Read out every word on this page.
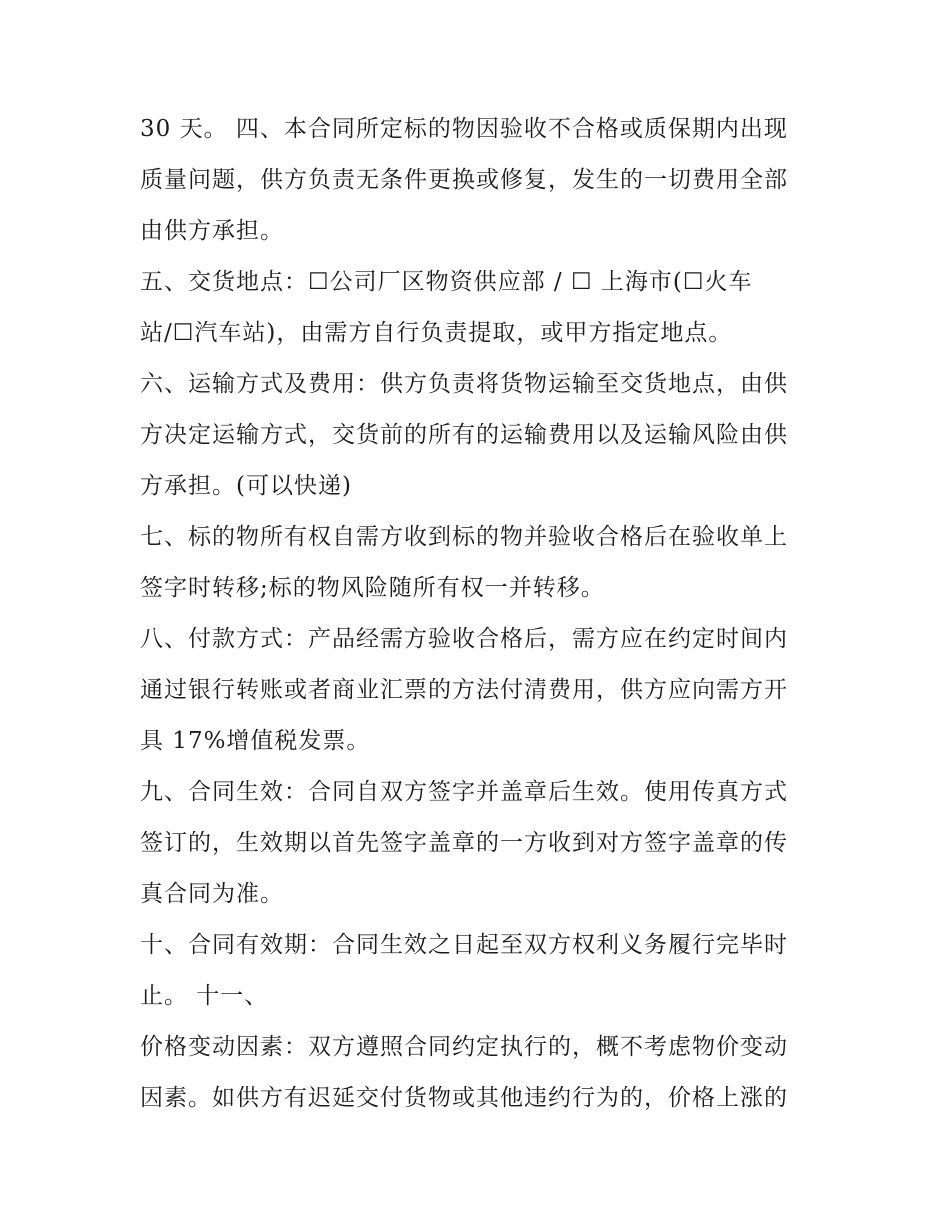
30 天。 四、本合同所定标的物因验收不合格或质保期内出现
质量问题，供方负责无条件更换或修复，发生的一切费用全部
由供方承担。
五、交货地点：☐公司厂区物资供应部 / ☐ 上海市(☐火车
站/☐汽车站)，由需方自行负责提取，或甲方指定地点。
六、运输方式及费用：供方负责将货物运输至交货地点，由供
方决定运输方式，交货前的所有的运输费用以及运输风险由供
方承担。(可以快递)
七、标的物所有权自需方收到标的物并验收合格后在验收单上
签字时转移;标的物风险随所有权一并转移。
八、付款方式：产品经需方验收合格后，需方应在约定时间内
通过银行转账或者商业汇票的方法付清费用，供方应向需方开
具 17%增值税发票。
九、合同生效：合同自双方签字并盖章后生效。使用传真方式
签订的，生效期以首先签字盖章的一方收到对方签字盖章的传
真合同为准。
十、合同有效期：合同生效之日起至双方权利义务履行完毕时
止。 十一、
价格变动因素：双方遵照合同约定执行的，概不考虑物价变动
因素。如供方有迟延交付货物或其他违约行为的，价格上涨的
